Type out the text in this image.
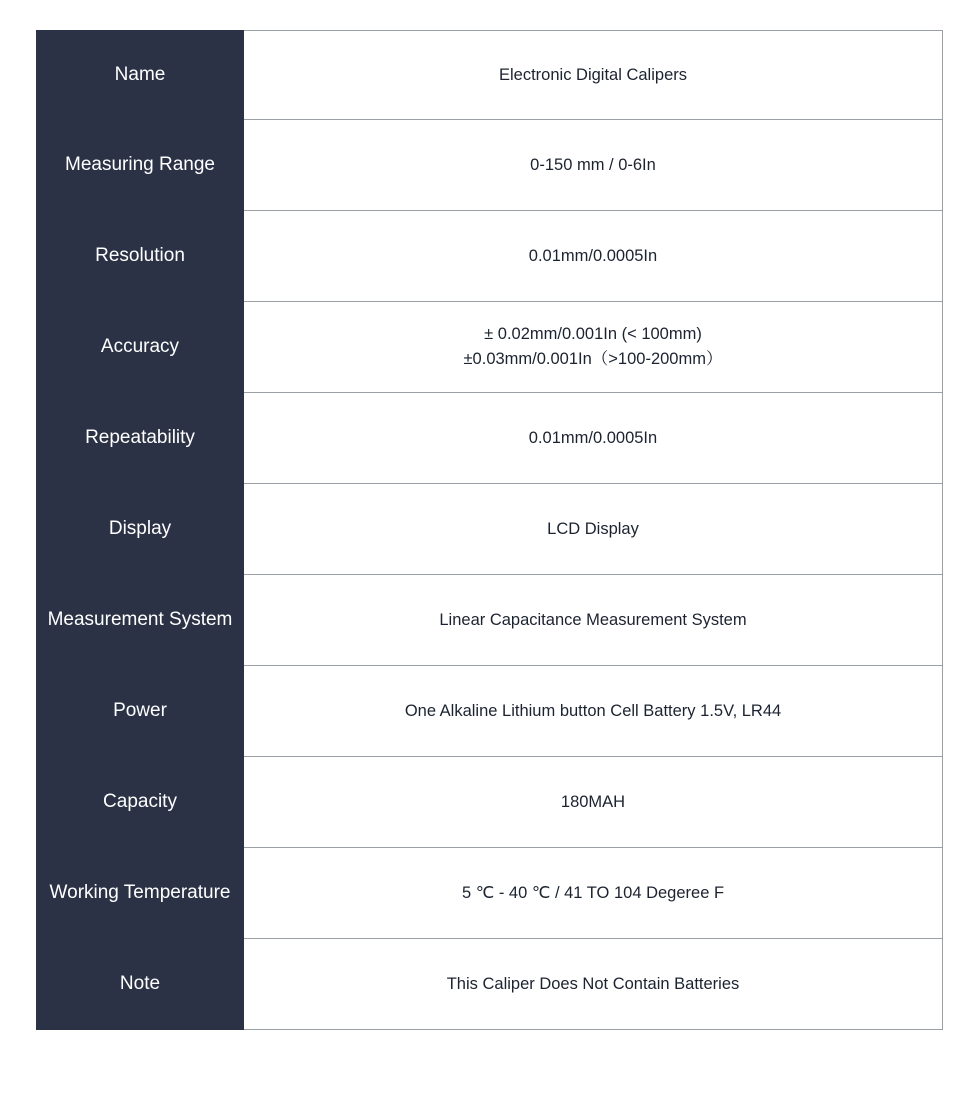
Name	Electronic Digital Calipers

Measuring Range	0-150 mm / 0-6In

Resolution	0.01mm/0.0005In

Accuracy	± 0.02mm/0.001In (< 100mm)
±0.03mm/0.001In（>100-200mm）

Repeatability	0.01mm/0.0005In

Display	LCD Display

Measurement System	Linear Capacitance Measurement System

Power	One Alkaline Lithium button Cell Battery 1.5V, LR44

Capacity	180MAH

Working Temperature	5 ℃ - 40 ℃ / 41 TO 104 Degeree F

Note	This Caliper Does Not Contain Batteries
